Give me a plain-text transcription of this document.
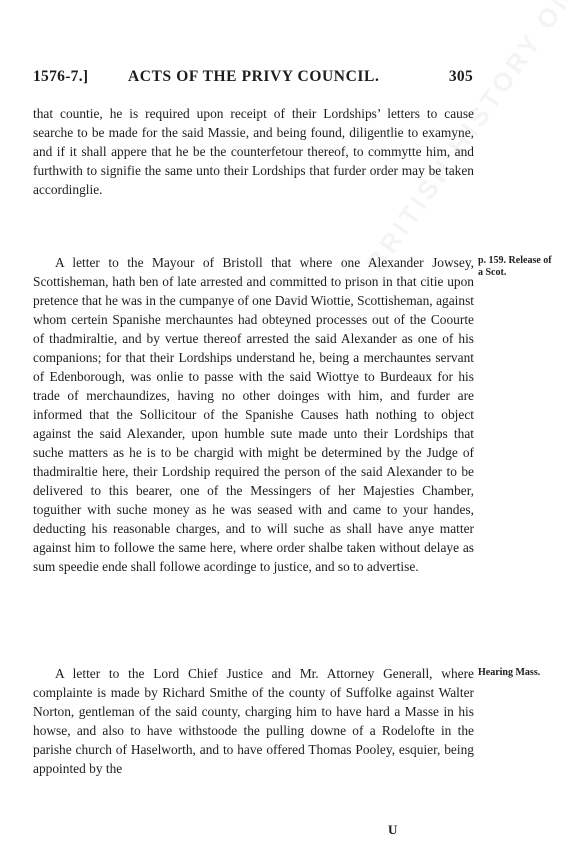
1576-7.]	ACTS OF THE PRIVY COUNCIL.	305

that countie, he is required upon receipt of their Lordships’ letters to cause searche to be made for the said Massie, and being found, diligentlie to examyne, and if it shall appere that he be the counterfetour thereof, to commytte him, and furthwith to signifie the same unto their Lordships that furder order may be taken accordinglie.

A letter to the Mayour of Bristoll that where one Alexander Jowsey, Scottisheman, hath ben of late arrested and committed to prison in that citie upon pretence that he was in the cumpanye of one David Wiottie, Scottisheman, against whom certein Spanishe merchauntes had obteyned processes out of the Coourte of thadmiraltie, and by vertue thereof arrested the said Alexander as one of his companions; for that their Lordships understand he, being a merchauntes servant of Edenborough, was onlie to passe with the said Wiottye to Burdeaux for his trade of merchaundizes, having no other doinges with him, and furder are informed that the Sollicitour of the Spanishe Causes hath nothing to object against the said Alexander, upon humble sute made unto their Lordships that suche matters as he is to be chargid with might be determined by the Judge of thadmiraltie here, their Lordship required the person of the said Alexander to be delivered to this bearer, one of the Messingers of her Majesties Chamber, toguither with suche money as he was seased with and came to your handes, deducting his reasonable charges, and to will suche as shall have anye matter against him to followe the same here, where order shalbe taken without delaye as sum speedie ende shall followe acordinge to justice, and so to advertise.

p. 159. Release of a Scot.

A letter to the Lord Chief Justice and Mr. Attorney Generall, where complainte is made by Richard Smithe of the county of Suffolke against Walter Norton, gentleman of the said county, charging him to have hard a Masse in his howse, and also to have withstoode the pulling downe of a Rodelofte in the parishe church of Haselworth, and to have offered Thomas Pooley, esquier, being appointed by the

Hearing Mass.
U
